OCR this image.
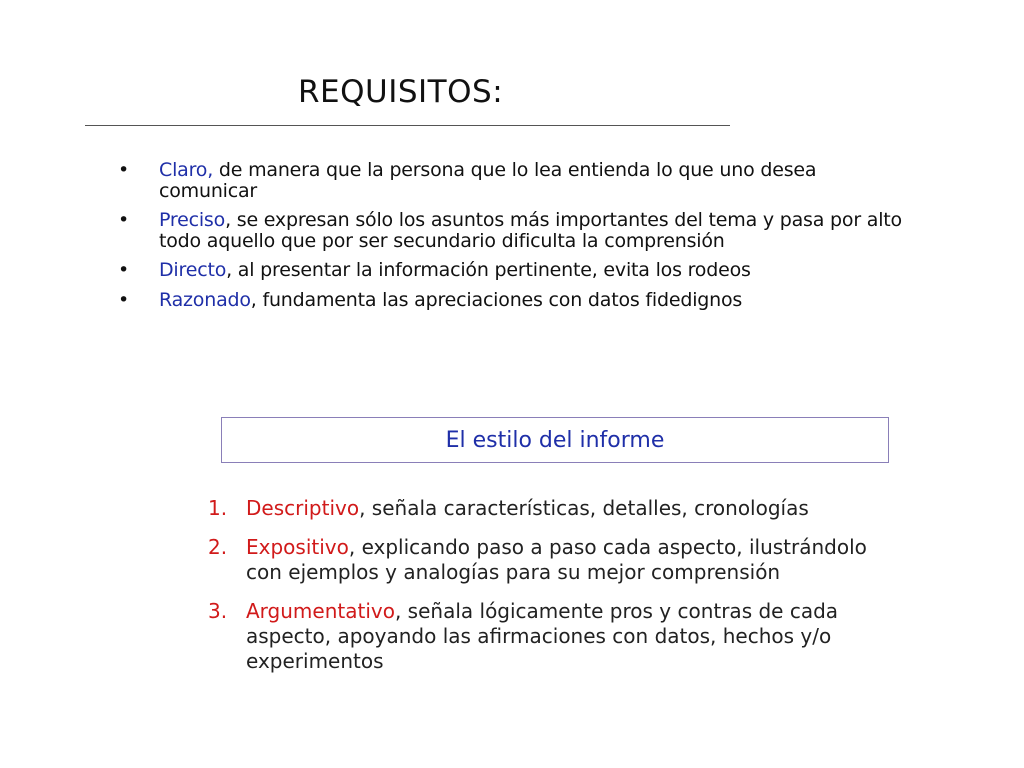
REQUISITOS:
• Claro, de manera que la persona que lo lea entienda lo que uno desea comunicar
• Preciso, se expresan sólo los asuntos más importantes del tema y pasa por alto todo aquello que por ser secundario dificulta la comprensión
• Directo, al presentar la información pertinente, evita los rodeos
• Razonado, fundamenta las apreciaciones con datos fidedignos
El estilo del informe
1. Descriptivo, señala características, detalles, cronologías
2. Expositivo, explicando paso a paso cada aspecto, ilustrándolo con ejemplos y analogías para su mejor comprensión
3. Argumentativo, señala lógicamente pros y contras de cada aspecto, apoyando las afirmaciones con datos, hechos y/o experimentos
